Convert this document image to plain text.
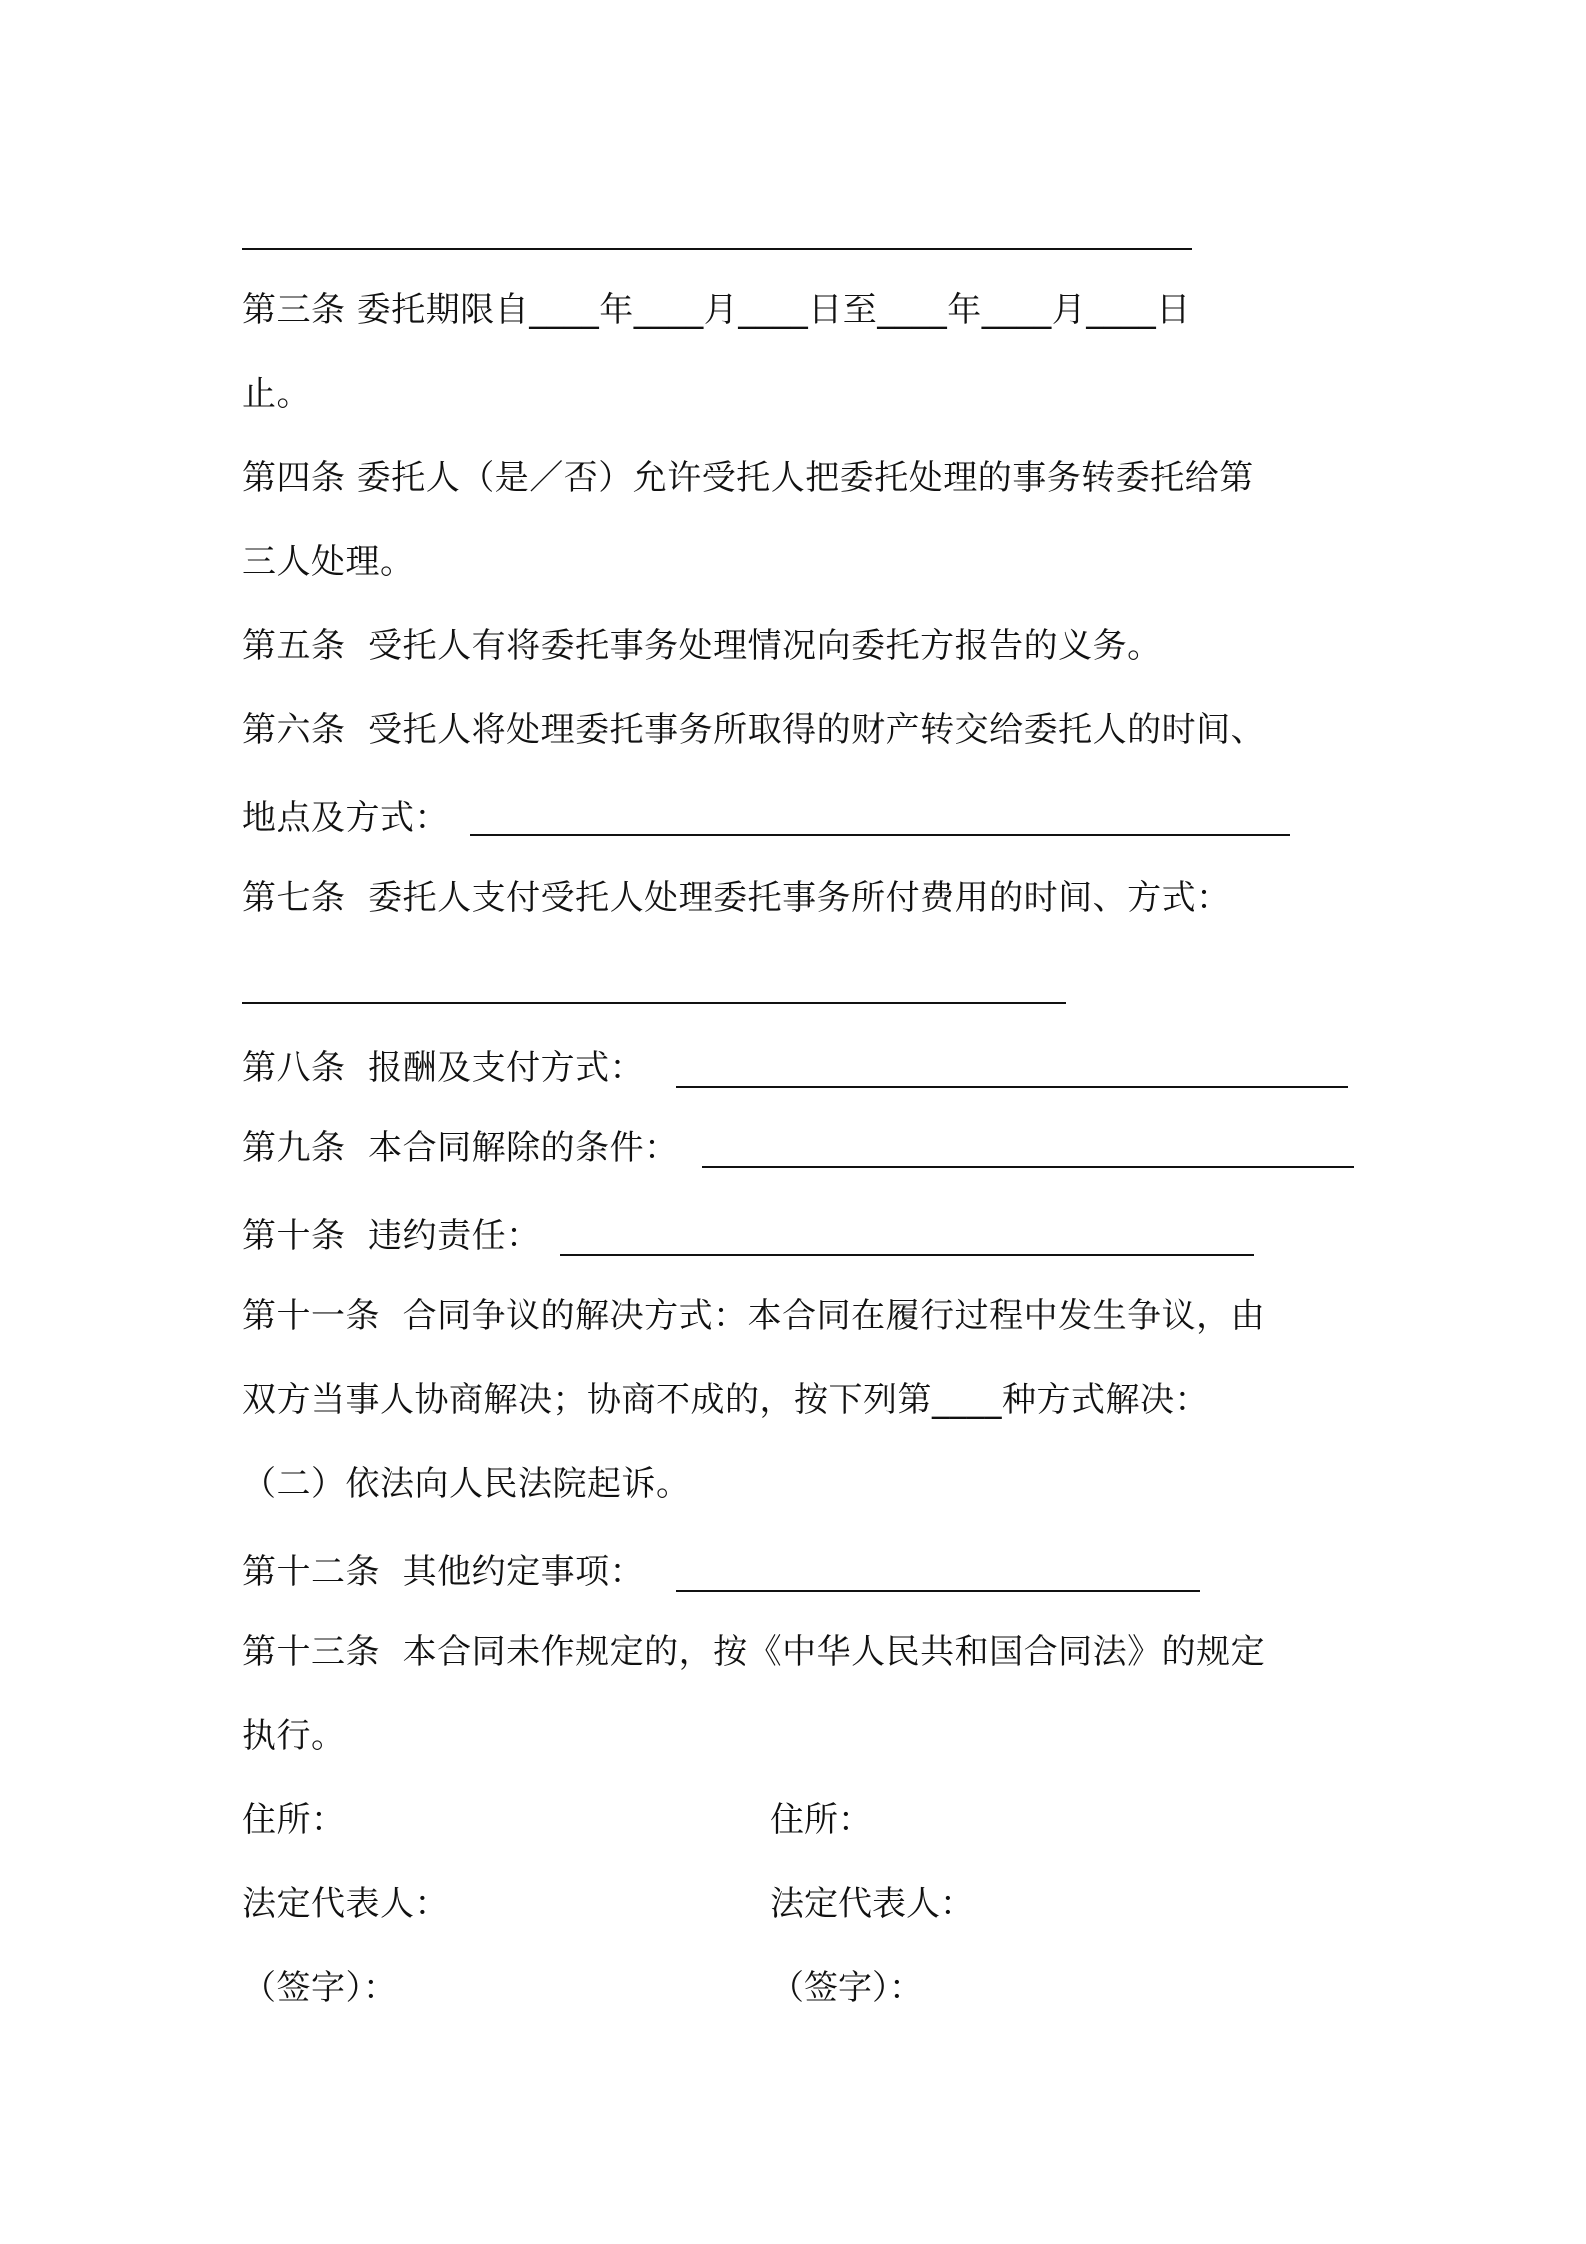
第三条 委托期限自____年____月____日至____年____月____日
止。
第四条 委托人（是／否）允许受托人把委托处理的事务转委托给第
三人处理。
第五条  受托人有将委托事务处理情况向委托方报告的义务。
第六条  受托人将处理委托事务所取得的财产转交给委托人的时间、
地点及方式：
第七条  委托人支付受托人处理委托事务所付费用的时间、方式：
第八条  报酬及支付方式：
第九条  本合同解除的条件：
第十条  违约责任：
第十一条  合同争议的解决方式：本合同在履行过程中发生争议，由
双方当事人协商解决；协商不成的，按下列第____种方式解决：
（二）依法向人民法院起诉。
第十二条  其他约定事项：
第十三条  本合同未作规定的，按《中华人民共和国合同法》的规定
执行。
住所：	住所：
法定代表人：	法定代表人：
（签字）：	（签字）：
